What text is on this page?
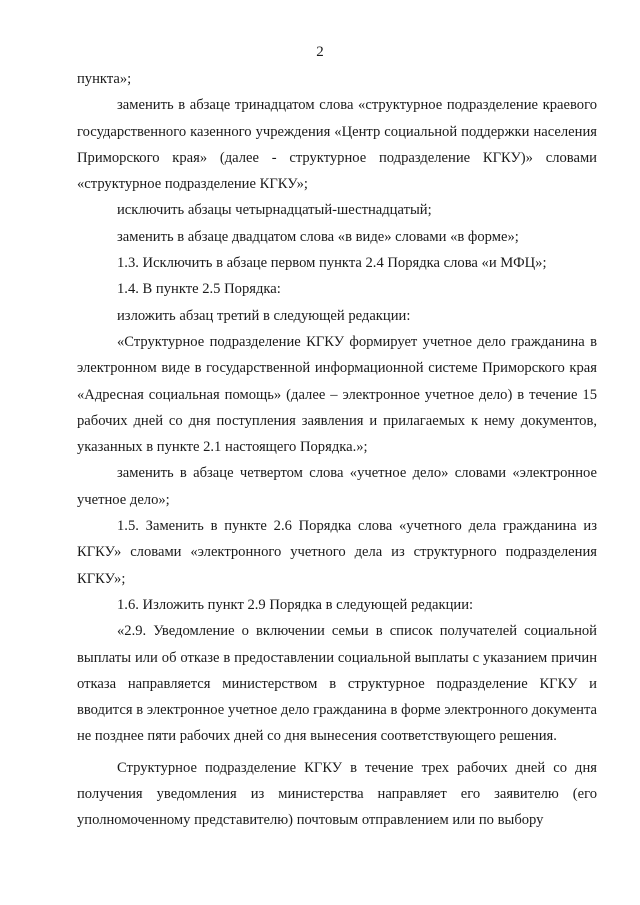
2

пункта»;

заменить в абзаце тринадцатом слова «структурное подразделение краевого государственного казенного учреждения «Центр социальной поддержки населения Приморского края» (далее - структурное подразделение КГКУ)» словами «структурное подразделение КГКУ»;

исключить абзацы четырнадцатый-шестнадцатый;

заменить в абзаце двадцатом слова «в виде» словами «в форме»;

1.3. Исключить в абзаце первом пункта 2.4 Порядка слова «и МФЦ»;

1.4. В пункте 2.5 Порядка:

изложить абзац третий в следующей редакции:

«Структурное подразделение КГКУ формирует учетное дело гражданина в электронном виде в государственной информационной системе Приморского края «Адресная социальная помощь» (далее – электронное учетное дело) в течение 15 рабочих дней со дня поступления заявления и прилагаемых к нему документов, указанных в пункте 2.1 настоящего Порядка.»;

заменить в абзаце четвертом слова «учетное дело» словами «электронное учетное дело»;

1.5. Заменить в пункте 2.6 Порядка слова «учетного дела гражданина из КГКУ» словами «электронного учетного дела из структурного подразделения КГКУ»;

1.6. Изложить пункт 2.9 Порядка в следующей редакции:

«2.9. Уведомление о включении семьи в список получателей социальной выплаты или об отказе в предоставлении социальной выплаты с указанием причин отказа направляется министерством в структурное подразделение КГКУ и вводится в электронное учетное дело гражданина в форме электронного документа не позднее пяти рабочих дней со дня вынесения соответствующего решения.

Структурное подразделение КГКУ в течение трех рабочих дней со дня получения уведомления из министерства направляет его заявителю (его уполномоченному представителю) почтовым отправлением или по выбору
